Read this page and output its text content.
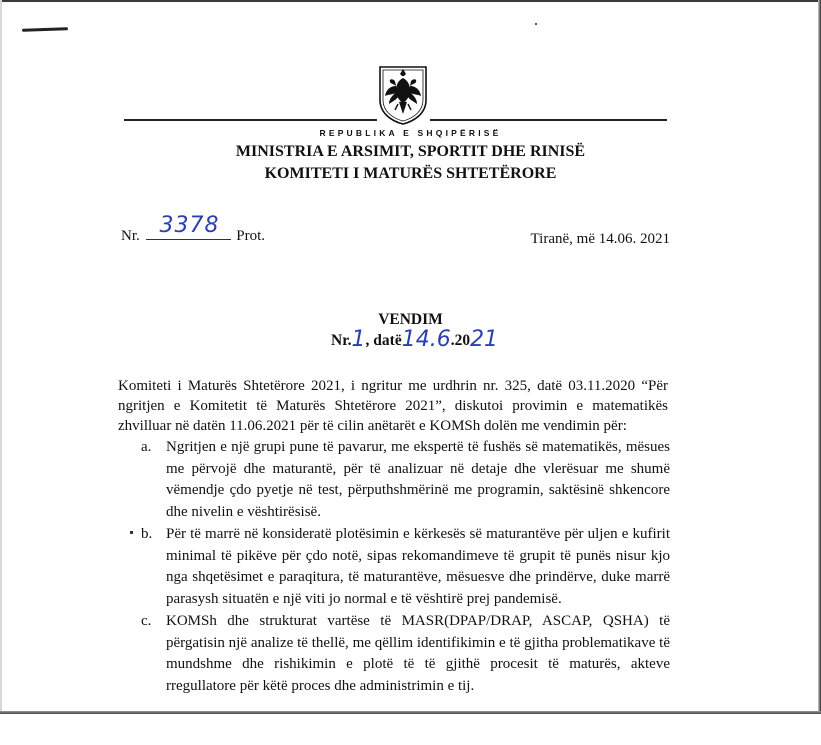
REPUBLIKA E SHQIPËRISË
MINISTRIA E ARSIMIT, SPORTIT DHE RINISË
KOMITETI I MATURËS SHTETËRORE
Nr. 3378 Prot.	Tiranë, më 14.06. 2021
VENDIM
Nr.1, datë14.6.2021

Komiteti i Maturës Shtetërore 2021, i ngritur me urdhrin nr. 325, datë 03.11.2020 “Për ngritjen e Komitetit të Maturës Shtetërore 2021”, diskutoi provimin e matematikës zhvilluar në datën 11.06.2021 për të cilin anëtarët e KOMSh dolën me vendimin për:

a. Ngritjen e një grupi pune të pavarur, me ekspertë të fushës së matematikës, mësues me përvojë dhe maturantë, për të analizuar në detaje dhe vlerësuar me shumë vëmendje çdo pyetje në test, përputhshmërinë me programin, saktësinë shkencore dhe nivelin e vështirësisë.
b. Për të marrë në konsideratë plotësimin e kërkesës së maturantëve për uljen e kufirit minimal të pikëve për çdo notë, sipas rekomandimeve të grupit të punës nisur kjo nga shqetësimet e paraqitura, të maturantëve, mësuesve dhe prindërve, duke marrë parasysh situatën e një viti jo normal e të vështirë prej pandemisë.
c. KOMSh dhe strukturat vartëse të MASR(DPAP/DRAP, ASCAP, QSHA) të përgatisin një analize të thellë, me qëllim identifikimin e të gjitha problematikave të mundshme dhe rishikimin e plotë të të gjithë procesit të maturës, akteve rregullatore për këtë proces dhe administrimin e tij.
